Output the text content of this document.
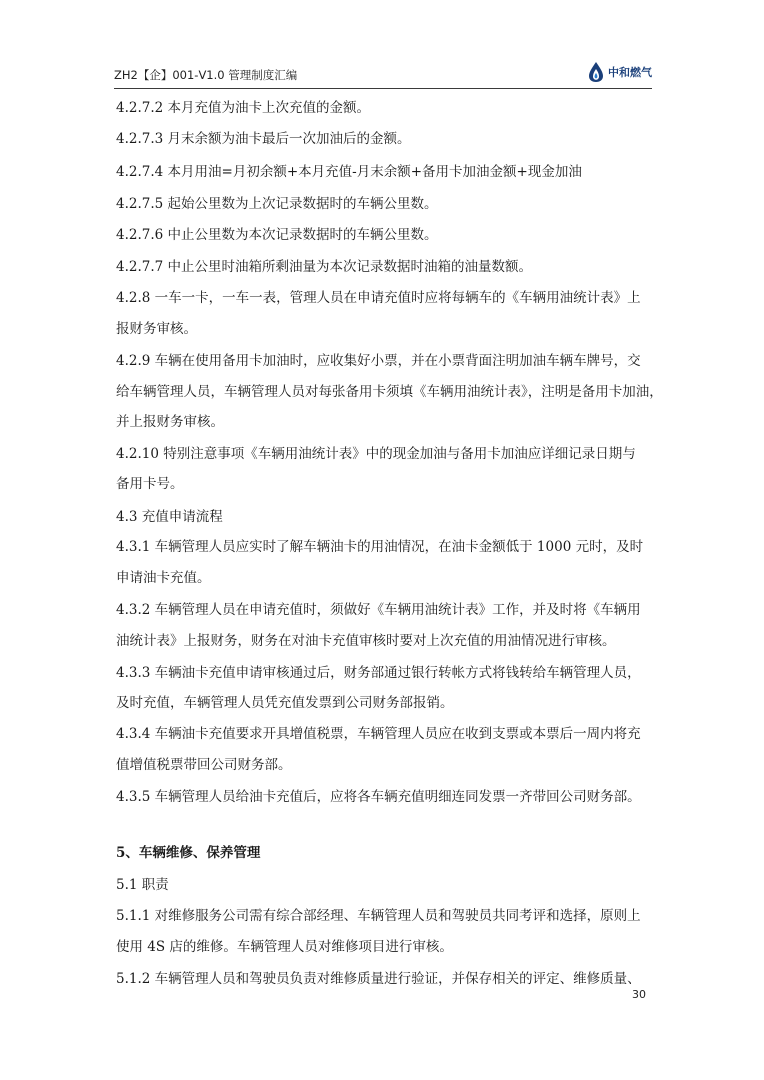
ZH2【企】001-V1.0 管理制度汇编	中和燃气
4.2.7.2 本月充值为油卡上次充值的金额。
4.2.7.3 月末余额为油卡最后一次加油后的金额。
4.2.7.4 本月用油=月初余额+本月充值-月末余额+备用卡加油金额+现金加油
4.2.7.5 起始公里数为上次记录数据时的车辆公里数。
4.2.7.6 中止公里数为本次记录数据时的车辆公里数。
4.2.7.7 中止公里时油箱所剩油量为本次记录数据时油箱的油量数额。
4.2.8 一车一卡，一车一表，管理人员在申请充值时应将每辆车的《车辆用油统计表》上
报财务审核。
4.2.9 车辆在使用备用卡加油时，应收集好小票，并在小票背面注明加油车辆车牌号，交
给车辆管理人员，车辆管理人员对每张备用卡须填《车辆用油统计表》，注明是备用卡加油，
并上报财务审核。
4.2.10 特别注意事项《车辆用油统计表》中的现金加油与备用卡加油应详细记录日期与
备用卡号。
4.3 充值申请流程
4.3.1 车辆管理人员应实时了解车辆油卡的用油情况，在油卡金额低于 1000 元时，及时
申请油卡充值。
4.3.2 车辆管理人员在申请充值时，须做好《车辆用油统计表》工作，并及时将《车辆用
油统计表》上报财务，财务在对油卡充值审核时要对上次充值的用油情况进行审核。
4.3.3 车辆油卡充值申请审核通过后，财务部通过银行转帐方式将钱转给车辆管理人员，
及时充值，车辆管理人员凭充值发票到公司财务部报销。
4.3.4 车辆油卡充值要求开具增值税票，车辆管理人员应在收到支票或本票后一周内将充
值增值税票带回公司财务部。
4.3.5 车辆管理人员给油卡充值后，应将各车辆充值明细连同发票一齐带回公司财务部。
5、车辆维修、保养管理
5.1 职责
5.1.1 对维修服务公司需有综合部经理、车辆管理人员和驾驶员共同考评和选择，原则上
使用 4S 店的维修。车辆管理人员对维修项目进行审核。
5.1.2 车辆管理人员和驾驶员负责对维修质量进行验证，并保存相关的评定、维修质量、
30
